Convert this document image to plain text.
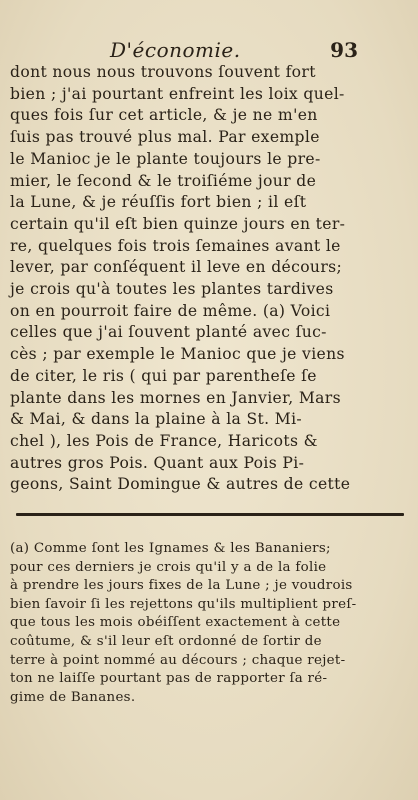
D'économie.	93
dont nous nous trouvons ſouvent fort
bien ; j'ai pourtant enfreint les loix quel-
ques fois ſur cet article, & je ne m'en
ſuis pas trouvé plus mal. Par exemple
le Manioc je le plante toujours le pre-
mier, le ſecond & le troiſiéme jour de
la Lune, & je réuſſis fort bien ; il eſt
certain qu'il eſt bien quinze jours en ter-
re, quelques fois trois ſemaines avant le
lever, par conſéquent il leve en décours;
je crois qu'à toutes les plantes tardives
on en pourroit faire de même. (a) Voici
celles que j'ai ſouvent planté avec ſuc-
cès ; par exemple le Manioc que je viens
de citer, le ris ( qui par parentheſe ſe
plante dans les mornes en Janvier, Mars
& Mai, & dans la plaine à la St. Mi-
chel ), les Pois de France, Haricots &
autres gros Pois. Quant aux Pois Pi-
geons, Saint Domingue & autres de cette
(a) Comme ſont les Ignames & les Bananiers;
pour ces derniers je crois qu'il y a de la folie
à prendre les jours fixes de la Lune ; je voudrois
bien ſavoir ſi les rejettons qu'ils multiplient preſ-
que tous les mois obéiſſent exactement à cette
coûtume, & s'il leur eſt ordonné de ſortir de
terre à point nommé au décours ; chaque rejet-
ton ne laiſſe pourtant pas de rapporter ſa ré-
gime de Bananes.
